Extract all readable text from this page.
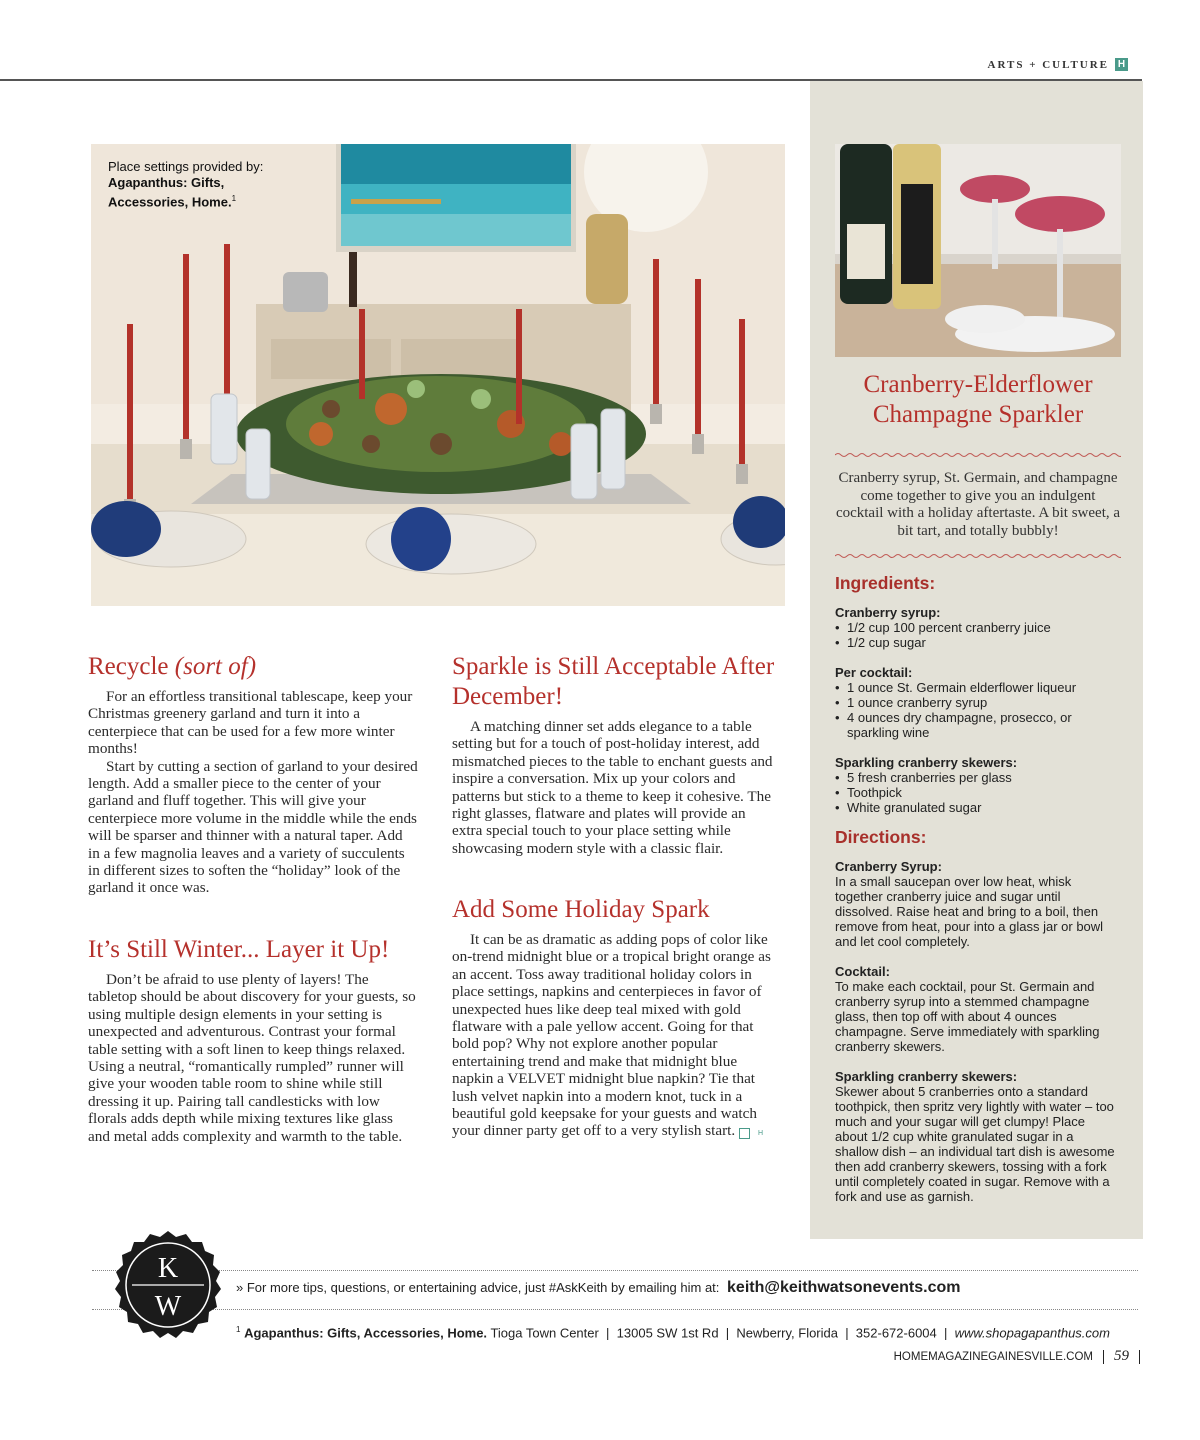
ARTS + CULTURE H
Place settings provided by:
Agapanthus: Gifts,
Accessories, Home.$^1$
Recycle (sort of)

For an effortless transitional tablescape, keep your Christmas greenery garland and turn it into a centerpiece that can be used for a few more winter months!

Start by cutting a section of garland to your desired length. Add a smaller piece to the center of your garland and fluff together. This will give your centerpiece more volume in the middle while the ends will be sparser and thinner with a natural taper. Add in a few magnolia leaves and a variety of succulents in different sizes to soften the “holiday” look of the garland it once was.

It’s Still Winter... Layer it Up!

Don’t be afraid to use plenty of layers! The tabletop should be about discovery for your guests, so using multiple design elements in your setting is unexpected and adventurous. Contrast your formal table setting with a soft linen to keep things relaxed. Using a neutral, “romantically rumpled” runner will give your wooden table room to shine while still dressing it up. Pairing tall candlesticks with low florals adds depth while mixing textures like glass and metal adds complexity and warmth to the table.

Sparkle is Still Acceptable After December!

A matching dinner set adds elegance to a table setting but for a touch of post-holiday interest, add mismatched pieces to the table to enchant guests and inspire a conversation. Mix up your colors and patterns but stick to a theme to keep it cohesive. The right glasses, flatware and plates will provide an extra special touch to your place setting while showcasing modern style with a classic flair.

Add Some Holiday Spark

It can be as dramatic as adding pops of color like on-trend midnight blue or a tropical bright orange as an accent. Toss away traditional holiday colors in place settings, napkins and centerpieces in favor of unexpected hues like deep teal mixed with gold flatware with a pale yellow accent. Going for that bold pop? Why not explore another popular entertaining trend and make that midnight blue napkin a VELVET midnight blue napkin? Tie that lush velvet napkin into a modern knot, tuck in a beautiful gold keepsake for your guests and watch your dinner party get off to a very stylish start.	H

Cranberry-Elderflower
Champagne Sparkler
Cranberry syrup, St. Germain, and champagne come together to give you an indulgent cocktail with a holiday aftertaste. A bit sweet, a bit tart, and totally bubbly!
Ingredients:
Cranberry syrup:
• 1/2 cup 100 percent cranberry juice
• 1/2 cup sugar
Per cocktail:
• 1 ounce St. Germain elderflower liqueur
• 1 ounce cranberry syrup
• 4 ounces dry champagne, prosecco, or sparkling wine
Sparkling cranberry skewers:
• 5 fresh cranberries per glass
• Toothpick
• White granulated sugar
Directions:
Cranberry Syrup:

In a small saucepan over low heat, whisk together cranberry juice and sugar until dissolved. Raise heat and bring to a boil, then remove from heat, pour into a glass jar or bowl and let cool completely.

Cocktail:

To make each cocktail, pour St. Germain and cranberry syrup into a stemmed champagne glass, then top off with about 4 ounces champagne. Serve immediately with sparkling cranberry skewers.

Sparkling cranberry skewers:

Skewer about 5 cranberries onto a standard toothpick, then spritz very lightly with water – too much and your sugar will get clumpy! Place about 1/2 cup white granulated sugar in a shallow dish – an individual tart dish is awesome then add cranberry skewers, tossing with a fork until completely coated in sugar. Remove with a fork and use as garnish.

K
W
» For more tips, questions, or entertaining advice, just #AskKeith by emailing him at: keith@keithwatsonevents.com
$^1$ Agapanthus: Gifts, Accessories, Home. Tioga Town Center  |  13005 SW 1st Rd  |  Newberry, Florida  |  352-672-6004  |  www.shopagapanthus.com
HOMEMAGAZINEGAINESVILLE.COM 59
